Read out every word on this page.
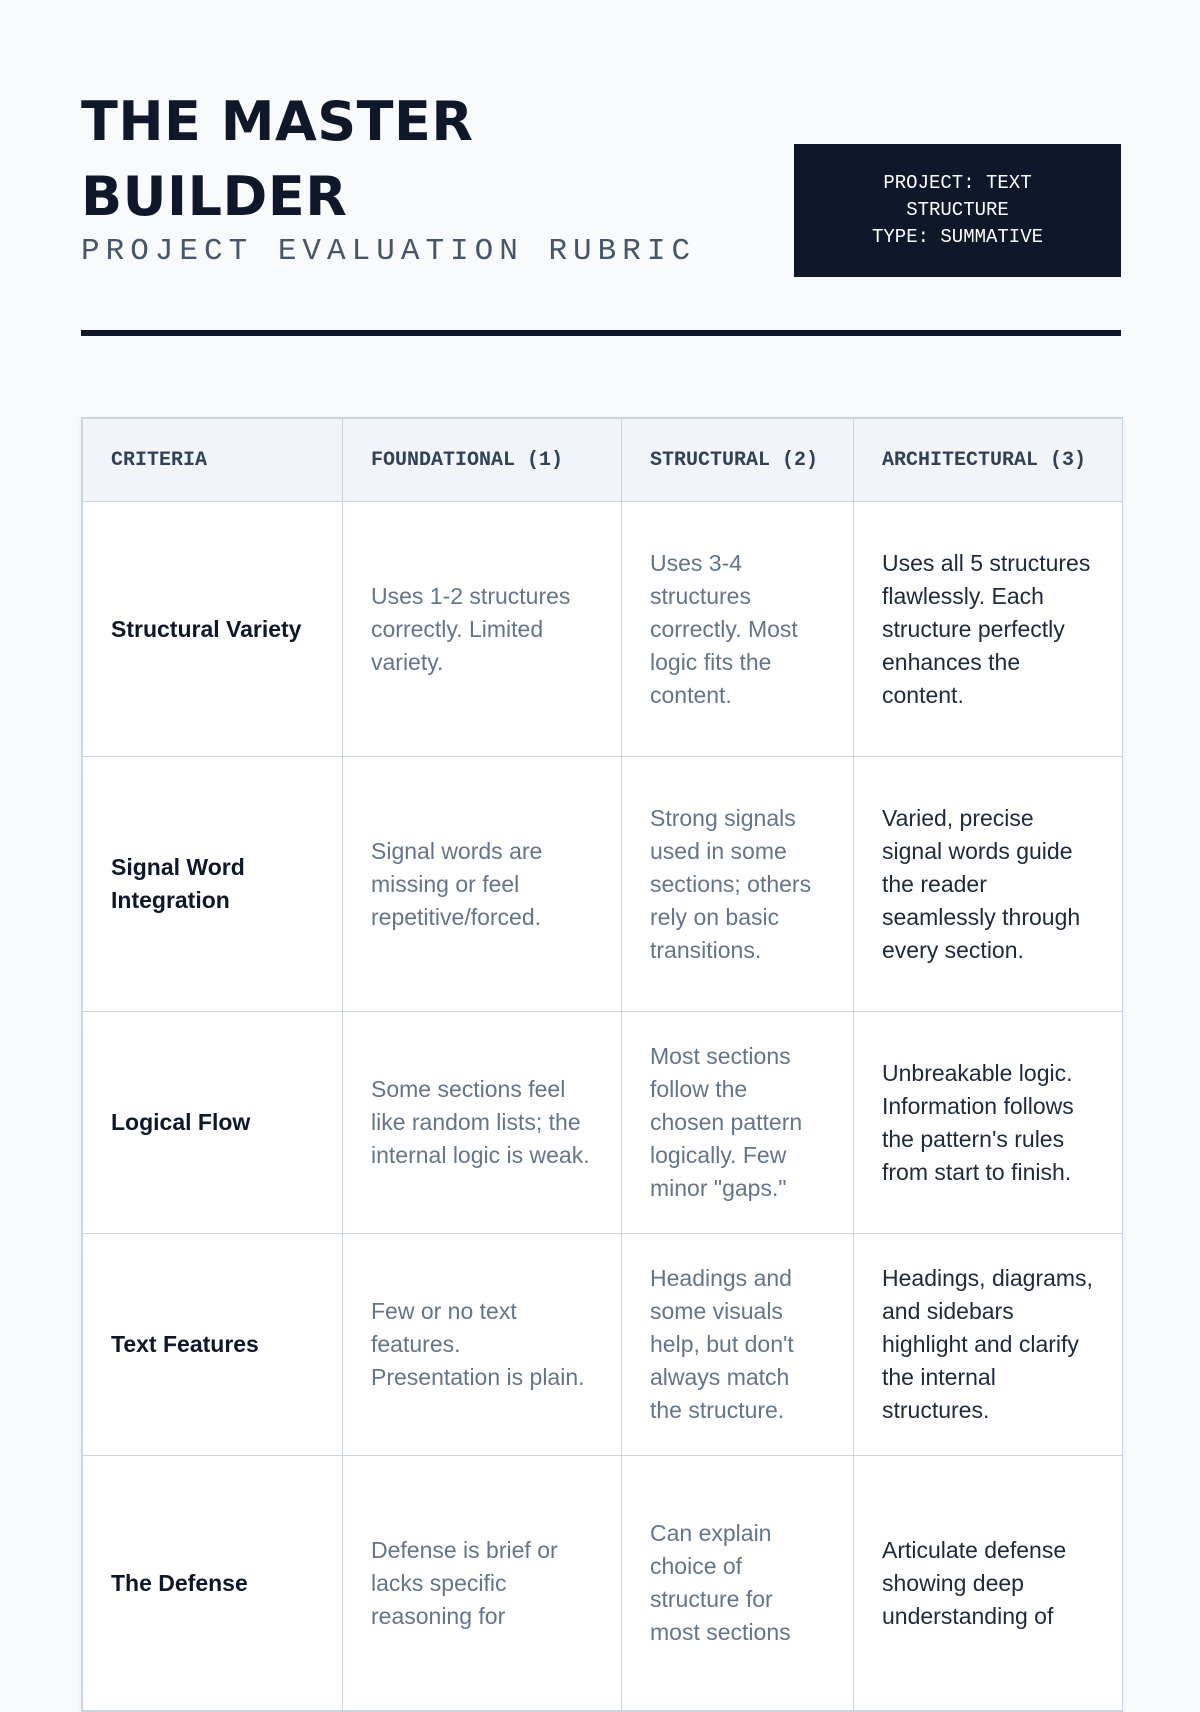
THE MASTER
BUILDER
PROJECT EVALUATION RUBRIC
PROJECT: TEXT STRUCTURE
TYPE: SUMMATIVE
CRITERIA	FOUNDATIONAL (1)	STRUCTURAL (2)	ARCHITECTURAL (3)
Structural Variety	Uses 1-2 structures correctly. Limited variety.	Uses 3-4 structures correctly. Most logic fits the content.	Uses all 5 structures flawlessly. Each structure perfectly enhances the content.
Signal Word Integration	Signal words are missing or feel repetitive/forced.	Strong signals used in some sections; others rely on basic transitions.	Varied, precise signal words guide the reader seamlessly through every section.
Logical Flow	Some sections feel like random lists; the internal logic is weak.	Most sections follow the chosen pattern logically. Few minor "gaps."	Unbreakable logic. Information follows the pattern's rules from start to finish.
Text Features	Few or no text features. Presentation is plain.	Headings and some visuals help, but don't always match the structure.	Headings, diagrams, and sidebars highlight and clarify the internal structures.
The Defense	Defense is brief or lacks specific reasoning for	Can explain choice of structure for most sections	Articulate defense showing deep understanding of
